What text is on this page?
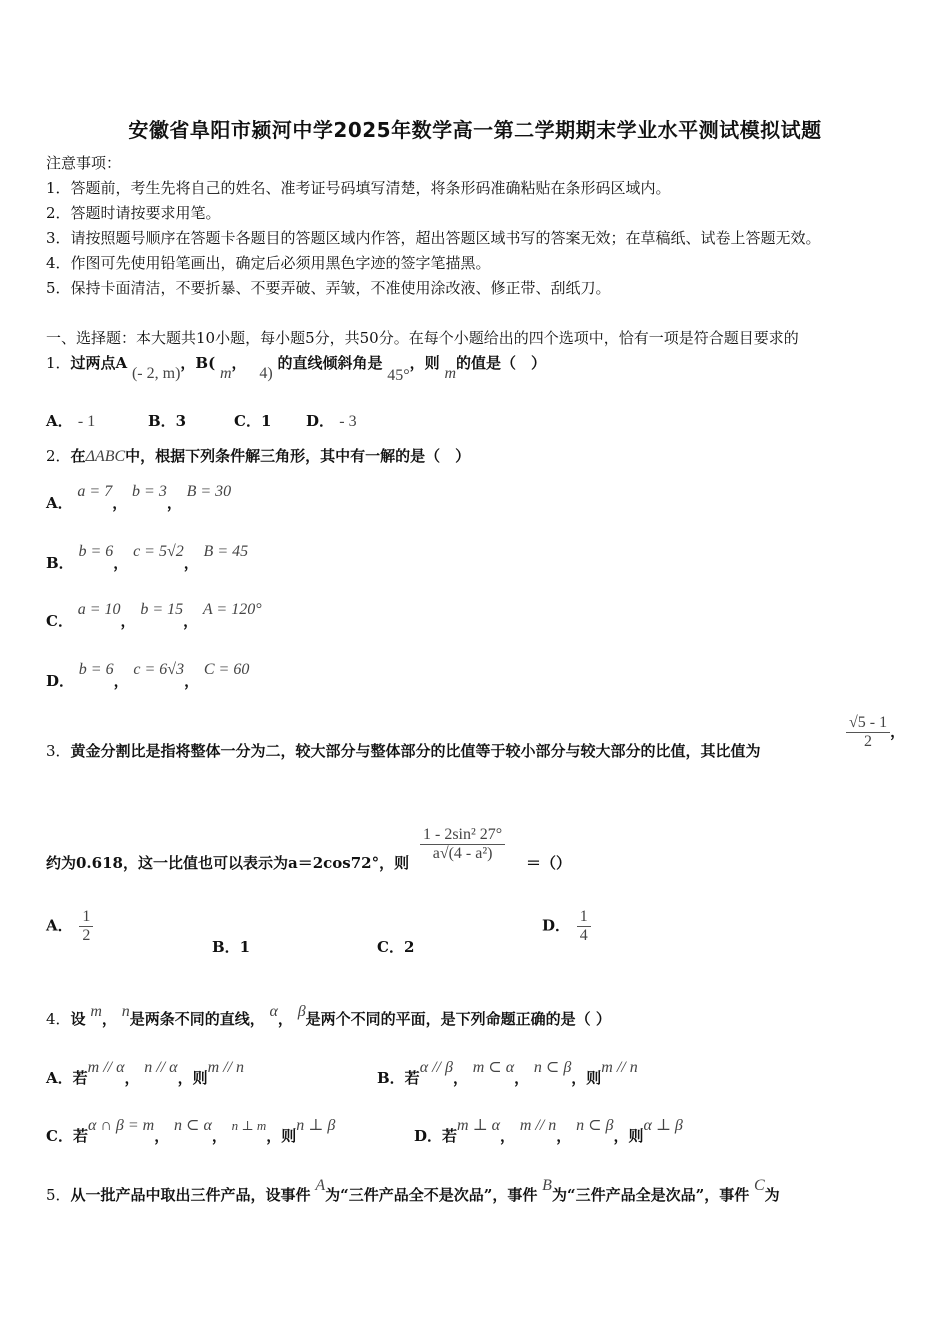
安徽省阜阳市颍河中学2025年数学高一第二学期期末学业水平测试模拟试题
注意事项：
1．答题前，考生先将自己的姓名、准考证号码填写清楚，将条形码准确粘贴在条形码区域内。
2．答题时请按要求用笔。
3．请按照题号顺序在答题卡各题目的答题区域内作答，超出答题区域书写的答案无效；在草稿纸、试卷上答题无效。
4．作图可先使用铅笔画出，确定后必须用黑色字迹的签字笔描黑。
5．保持卡面清洁，不要折暴、不要弄破、弄皱，不准使用涂改液、修正带、刮纸刀。
一、选择题：本大题共10小题，每小题5分，共50分。在每个小题给出的四个选项中，恰有一项是符合题目要求的
1．过两点A (- 2, m)，B( m， 4) 的直线倾斜角是 45°，则 m的值是（　）
A． - 1	B．3	C．1 D． - 3
2．在ΔABC中，根据下列条件解三角形，其中有一解的是（　）
A． a = 7， b = 3， B = 30
B． b = 6， c = 5√2， B = 45
C． a = 10， b = 15， A = 120°
D． b = 6， c = 6√3， C = 60
3．黄金分割比是指将整体一分为二，较大部分与整体部分的比值等于较小部分与较大部分的比值，其比值为	$\frac{√5 - 1}{2}$ ，
约为0.618，这一比值也可以表示为a＝2cos72°，则 $\frac{\text{1 - 2sin² 27°}}{\text{a√(4 - a²)}}$ ＝（）
A． $\frac{1}{2}$
B．1	C．2
D． $\frac{1}{4}$
4．设 m， n是两条不同的直线， α， β是两个不同的平面，是下列命题正确的是（ ）
A．若m // α， n // α，则m // n
B．若α // β， m ⊂ α， n ⊂ β，则m // n
C．若α ∩ β = m， n ⊂ α， n ⊥ m，则n ⊥ β
D．若m ⊥ α， m // n， n ⊂ β，则α ⊥ β
5．从一批产品中取出三件产品，设事件 A为“三件产品全不是次品”，事件 B为“三件产品全是次品”，事件 C为
